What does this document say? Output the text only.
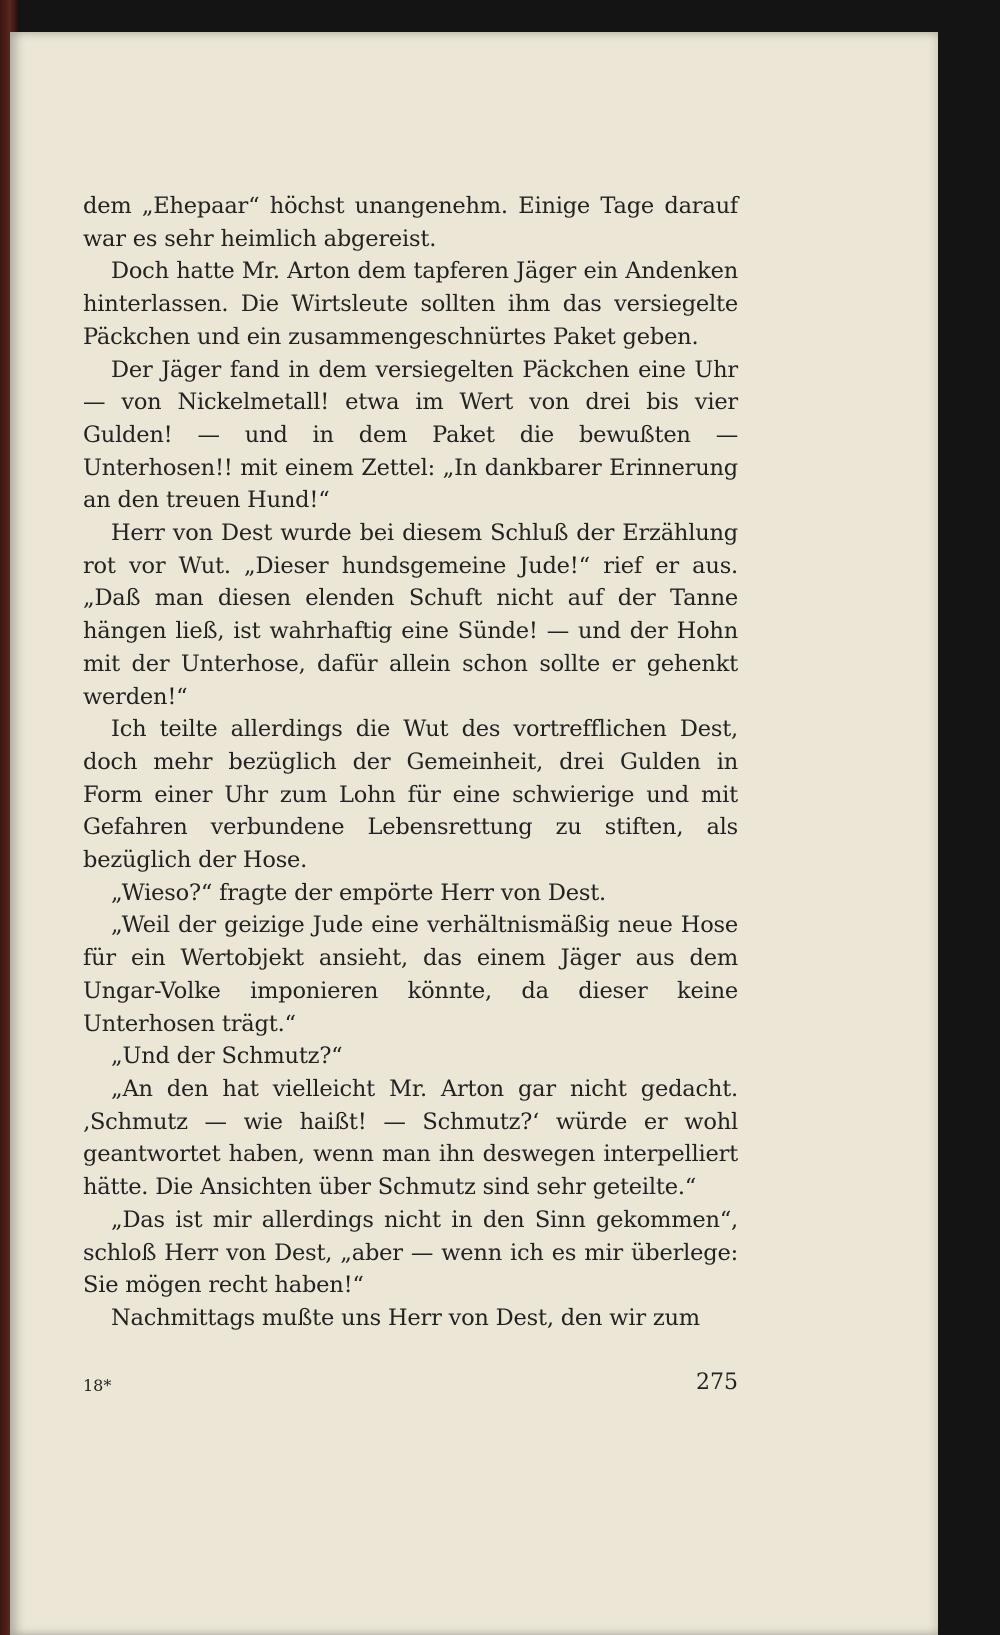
dem „Ehepaar“ höchst unangenehm. Einige Tage darauf war es sehr heimlich abgereist.

Doch hatte Mr. Arton dem tapferen Jäger ein Andenken hinterlassen. Die Wirtsleute sollten ihm das versiegelte Päckchen und ein zusammengeschnürtes Paket geben.

Der Jäger fand in dem versiegelten Päckchen eine Uhr — von Nickelmetall! etwa im Wert von drei bis vier Gulden! — und in dem Paket die bewußten — Unterhosen!! mit einem Zettel: „In dankbarer Erinnerung an den treuen Hund!“

Herr von Dest wurde bei diesem Schluß der Erzählung rot vor Wut. „Dieser hundsgemeine Jude!“ rief er aus. „Daß man diesen elenden Schuft nicht auf der Tanne hängen ließ, ist wahrhaftig eine Sünde! — und der Hohn mit der Unterhose, dafür allein schon sollte er gehenkt werden!“

Ich teilte allerdings die Wut des vortrefflichen Dest, doch mehr bezüglich der Gemeinheit, drei Gulden in Form einer Uhr zum Lohn für eine schwierige und mit Gefahren verbundene Lebensrettung zu stiften, als bezüglich der Hose.

„Wieso?“ fragte der empörte Herr von Dest.

„Weil der geizige Jude eine verhältnismäßig neue Hose für ein Wertobjekt ansieht, das einem Jäger aus dem Ungar-Volke imponieren könnte, da dieser keine Unterhosen trägt.“

„Und der Schmutz?“

„An den hat vielleicht Mr. Arton gar nicht gedacht. ‚Schmutz — wie haißt! — Schmutz?‘ würde er wohl geantwortet haben, wenn man ihn deswegen interpelliert hätte. Die Ansichten über Schmutz sind sehr geteilte.“

„Das ist mir allerdings nicht in den Sinn gekommen“, schloß Herr von Dest, „aber — wenn ich es mir überlege: Sie mögen recht haben!“

Nachmittags mußte uns Herr von Dest, den wir zum

18*	275
